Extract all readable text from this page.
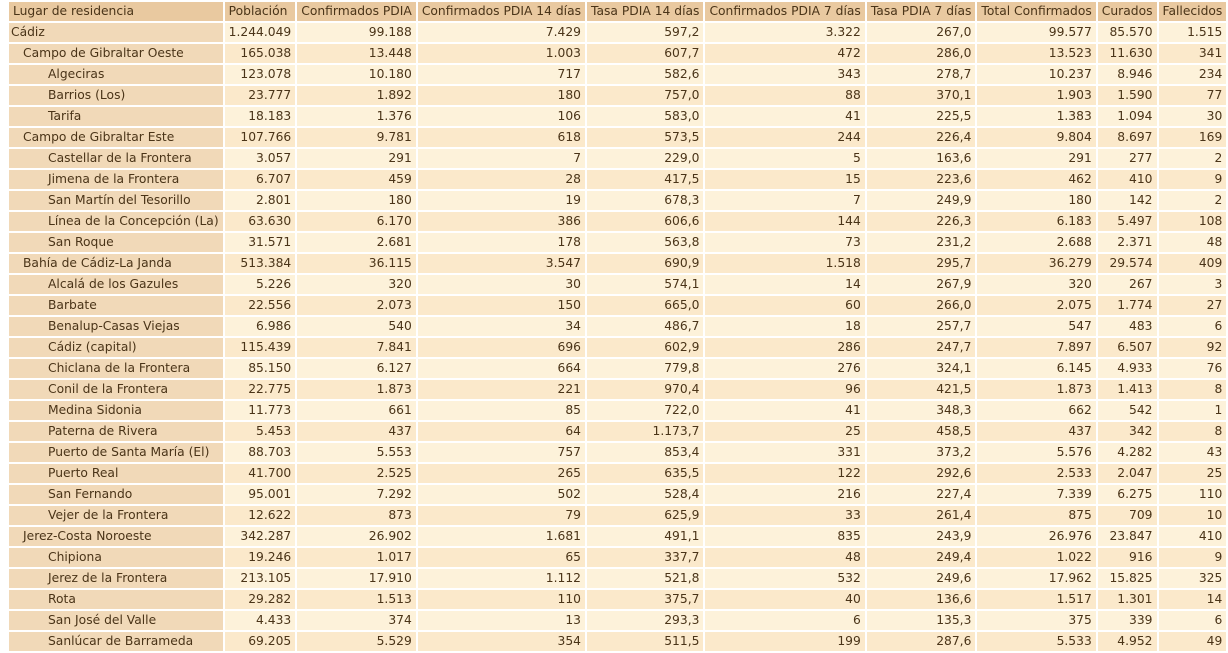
Lugar de residencia	Población	Confirmados PDIA	Confirmados PDIA 14 días	Tasa PDIA 14 días	Confirmados PDIA 7 días	Tasa PDIA 7 días	Total Confirmados	Curados	Fallecidos
Cádiz	1.244.049	99.188	7.429	597,2	3.322	267,0	99.577	85.570	1.515
Campo de Gibraltar Oeste	165.038	13.448	1.003	607,7	472	286,0	13.523	11.630	341
Algeciras	123.078	10.180	717	582,6	343	278,7	10.237	8.946	234
Barrios (Los)	23.777	1.892	180	757,0	88	370,1	1.903	1.590	77
Tarifa	18.183	1.376	106	583,0	41	225,5	1.383	1.094	30
Campo de Gibraltar Este	107.766	9.781	618	573,5	244	226,4	9.804	8.697	169
Castellar de la Frontera	3.057	291	7	229,0	5	163,6	291	277	2
Jimena de la Frontera	6.707	459	28	417,5	15	223,6	462	410	9
San Martín del Tesorillo	2.801	180	19	678,3	7	249,9	180	142	2
Línea de la Concepción (La)	63.630	6.170	386	606,6	144	226,3	6.183	5.497	108
San Roque	31.571	2.681	178	563,8	73	231,2	2.688	2.371	48
Bahía de Cádiz-La Janda	513.384	36.115	3.547	690,9	1.518	295,7	36.279	29.574	409
Alcalá de los Gazules	5.226	320	30	574,1	14	267,9	320	267	3
Barbate	22.556	2.073	150	665,0	60	266,0	2.075	1.774	27
Benalup-Casas Viejas	6.986	540	34	486,7	18	257,7	547	483	6
Cádiz (capital)	115.439	7.841	696	602,9	286	247,7	7.897	6.507	92
Chiclana de la Frontera	85.150	6.127	664	779,8	276	324,1	6.145	4.933	76
Conil de la Frontera	22.775	1.873	221	970,4	96	421,5	1.873	1.413	8
Medina Sidonia	11.773	661	85	722,0	41	348,3	662	542	1
Paterna de Rivera	5.453	437	64	1.173,7	25	458,5	437	342	8
Puerto de Santa María (El)	88.703	5.553	757	853,4	331	373,2	5.576	4.282	43
Puerto Real	41.700	2.525	265	635,5	122	292,6	2.533	2.047	25
San Fernando	95.001	7.292	502	528,4	216	227,4	7.339	6.275	110
Vejer de la Frontera	12.622	873	79	625,9	33	261,4	875	709	10
Jerez-Costa Noroeste	342.287	26.902	1.681	491,1	835	243,9	26.976	23.847	410
Chipiona	19.246	1.017	65	337,7	48	249,4	1.022	916	9
Jerez de la Frontera	213.105	17.910	1.112	521,8	532	249,6	17.962	15.825	325
Rota	29.282	1.513	110	375,7	40	136,6	1.517	1.301	14
San José del Valle	4.433	374	13	293,3	6	135,3	375	339	6
Sanlúcar de Barrameda	69.205	5.529	354	511,5	199	287,6	5.533	4.952	49
